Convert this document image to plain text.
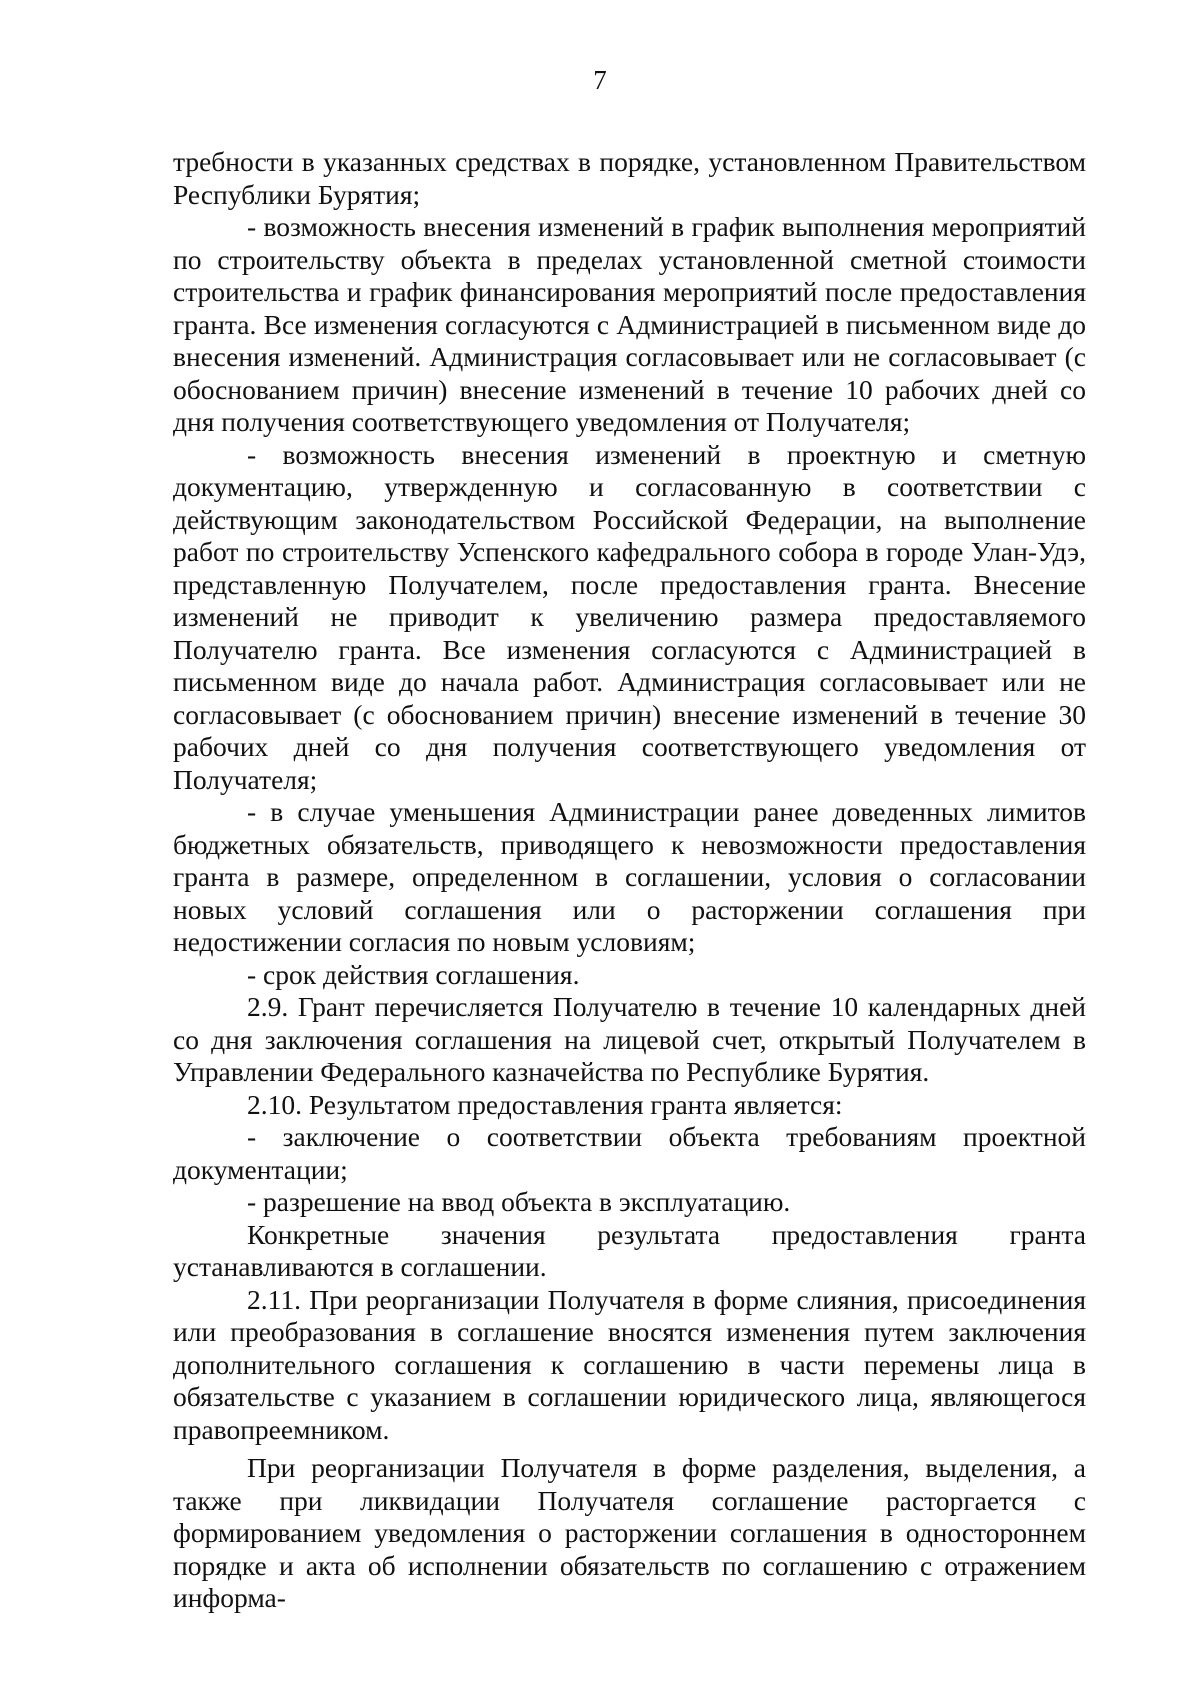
7

требности в указанных средствах в порядке, установленном Правительством Республики Бурятия;

- возможность внесения изменений в график выполнения мероприятий по строительству объекта в пределах установленной сметной стоимости строительства и график финансирования мероприятий после предоставления гранта. Все изменения согласуются с Администрацией в письменном виде до внесения изменений. Администрация согласовывает или не согласовывает (с обоснованием причин) внесение изменений в течение 10 рабочих дней со дня получения соответствующего уведомления от Получателя;

- возможность внесения изменений в проектную и сметную документацию, утвержденную и согласованную в соответствии с действующим законодательством Российской Федерации, на выполнение работ по строительству Успенского кафедрального собора в городе Улан-Удэ, представленную Получателем, после предоставления гранта. Внесение изменений не приводит к увеличению размера предоставляемого Получателю гранта. Все изменения согласуются с Администрацией в письменном виде до начала работ. Администрация согласовывает или не согласовывает (с обоснованием причин) внесение изменений в течение 30 рабочих дней со дня получения соответствующего уведомления от Получателя;

- в случае уменьшения Администрации ранее доведенных лимитов бюджетных обязательств, приводящего к невозможности предоставления гранта в размере, определенном в соглашении, условия о согласовании новых условий соглашения или о расторжении соглашения при недостижении согласия по новым условиям;

- срок действия соглашения.

2.9. Грант перечисляется Получателю в течение 10 календарных дней со дня заключения соглашения на лицевой счет, открытый Получателем в Управлении Федерального казначейства по Республике Бурятия.

2.10. Результатом предоставления гранта является:

- заключение о соответствии объекта требованиям проектной документации;

- разрешение на ввод объекта в эксплуатацию.

Конкретные значения результата предоставления гранта устанавливаются в соглашении.

2.11. При реорганизации Получателя в форме слияния, присоединения или преобразования в соглашение вносятся изменения путем заключения дополнительного соглашения к соглашению в части перемены лица в обязательстве с указанием в соглашении юридического лица, являющегося правопреемником.

При реорганизации Получателя в форме разделения, выделения, а также при ликвидации Получателя соглашение расторгается с формированием уведомления о расторжении соглашения в одностороннем порядке и акта об исполнении обязательств по соглашению с отражением информа-
